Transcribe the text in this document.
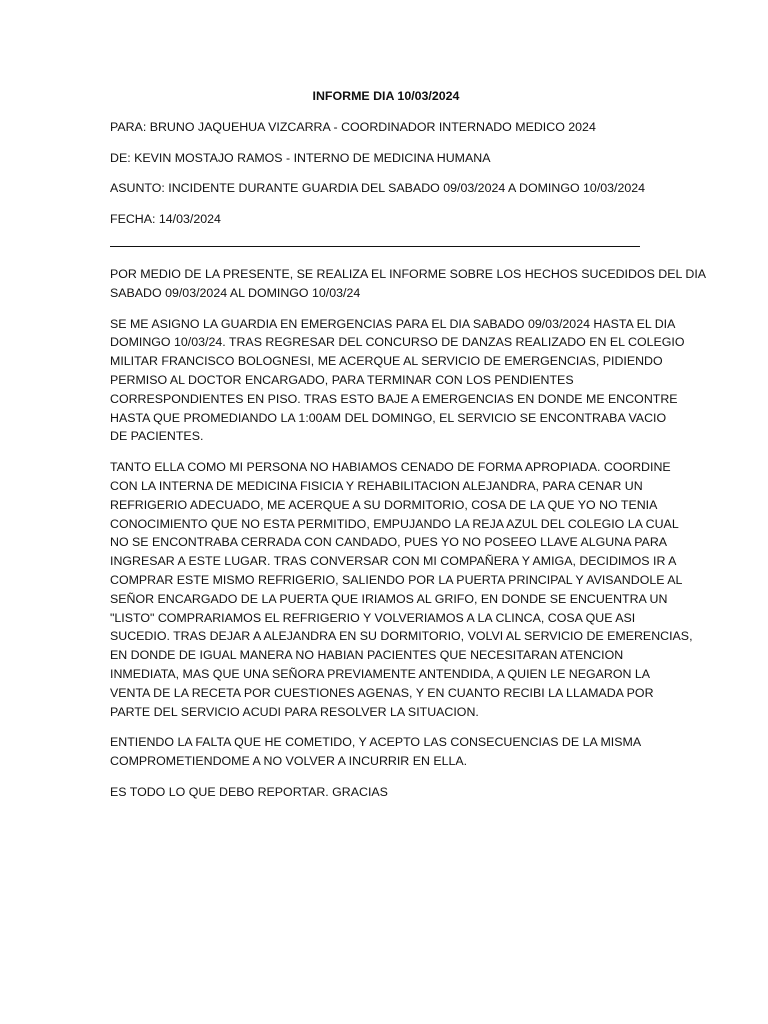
INFORME DIA 10/03/2024
PARA: BRUNO JAQUEHUA VIZCARRA - COORDINADOR INTERNADO MEDICO 2024
DE: KEVIN MOSTAJO RAMOS - INTERNO DE MEDICINA HUMANA
ASUNTO: INCIDENTE DURANTE GUARDIA DEL SABADO 09/03/2024 A DOMINGO 10/03/2024
FECHA: 14/03/2024
POR MEDIO DE LA PRESENTE, SE REALIZA EL INFORME SOBRE LOS HECHOS SUCEDIDOS DEL DIA
SABADO 09/03/2024 AL DOMINGO 10/03/24
SE ME ASIGNO LA GUARDIA EN EMERGENCIAS PARA EL DIA SABADO 09/03/2024 HASTA EL DIA
DOMINGO 10/03/24. TRAS REGRESAR DEL CONCURSO DE DANZAS REALIZADO EN EL COLEGIO
MILITAR FRANCISCO BOLOGNESI, ME ACERQUE AL SERVICIO DE EMERGENCIAS, PIDIENDO
PERMISO AL DOCTOR ENCARGADO, PARA TERMINAR CON LOS PENDIENTES
CORRESPONDIENTES EN PISO. TRAS ESTO BAJE A EMERGENCIAS EN DONDE ME ENCONTRE
HASTA QUE PROMEDIANDO LA 1:00AM DEL DOMINGO, EL SERVICIO SE ENCONTRABA VACIO
DE PACIENTES.
TANTO ELLA COMO MI PERSONA NO HABIAMOS CENADO DE FORMA APROPIADA. COORDINE
CON LA INTERNA DE MEDICINA FISICIA Y REHABILITACION ALEJANDRA, PARA CENAR UN
REFRIGERIO ADECUADO, ME ACERQUE A SU DORMITORIO, COSA DE LA QUE YO NO TENIA
CONOCIMIENTO QUE NO ESTA PERMITIDO, EMPUJANDO LA REJA AZUL DEL COLEGIO LA CUAL
NO SE ENCONTRABA CERRADA CON CANDADO, PUES YO NO POSEEO LLAVE ALGUNA PARA
INGRESAR A ESTE LUGAR. TRAS CONVERSAR CON MI COMPAÑERA Y AMIGA, DECIDIMOS IR A
COMPRAR ESTE MISMO REFRIGERIO, SALIENDO POR LA PUERTA PRINCIPAL Y AVISANDOLE AL
SEÑOR ENCARGADO DE LA PUERTA QUE IRIAMOS AL GRIFO, EN DONDE SE ENCUENTRA UN
"LISTO" COMPRARIAMOS EL REFRIGERIO Y VOLVERIAMOS A LA CLINCA, COSA QUE ASI
SUCEDIO. TRAS DEJAR A ALEJANDRA EN SU DORMITORIO, VOLVI AL SERVICIO DE EMERENCIAS,
EN DONDE DE IGUAL MANERA NO HABIAN PACIENTES QUE NECESITARAN ATENCION
INMEDIATA, MAS QUE UNA SEÑORA PREVIAMENTE ANTENDIDA, A QUIEN LE NEGARON LA
VENTA DE LA RECETA POR CUESTIONES AGENAS, Y EN CUANTO RECIBI LA LLAMADA POR
PARTE DEL SERVICIO ACUDI PARA RESOLVER LA SITUACION.
ENTIENDO LA FALTA QUE HE COMETIDO, Y ACEPTO LAS CONSECUENCIAS DE LA MISMA
COMPROMETIENDOME A NO VOLVER A INCURRIR EN ELLA.
ES TODO LO QUE DEBO REPORTAR. GRACIAS
